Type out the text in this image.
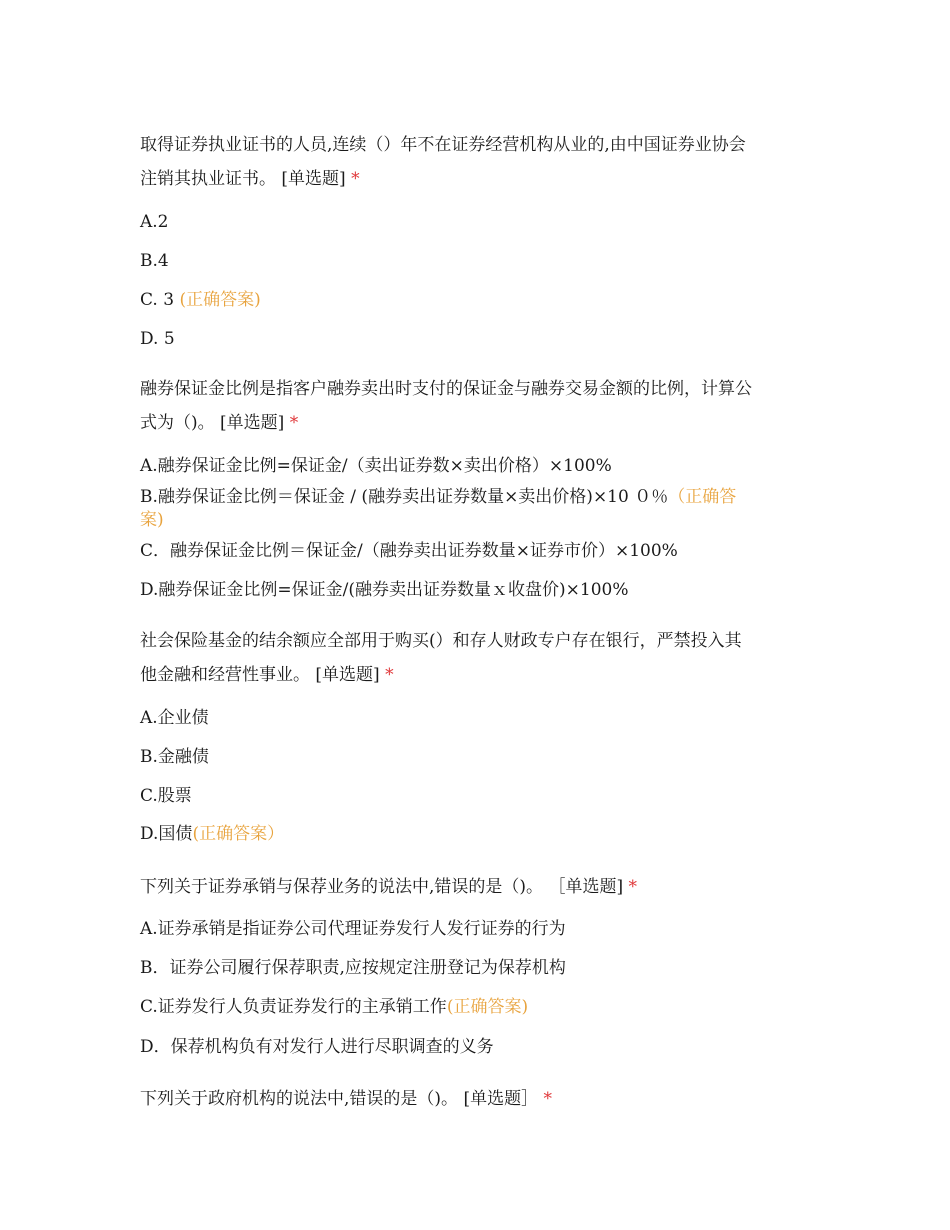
取得证券执业证书的人员,连续（）年不在证券经营机构从业的,由中国证券业协会
注销其执业证书。 [单选题] *
A.2
B.4
C. 3 (正确答案)
D. 5
融券保证金比例是指客户融券卖出时支付的保证金与融券交易金额的比例，计算公
式为（)。 [单选题] *
A.融券保证金比例=保证金/（卖出证券数×卖出价格）×100%
B.融券保证金比例＝保证金 / (融券卖出证券数量×卖出价格)×10 ０％（正确答
案)
C．融券保证金比例＝保证金/（融券卖出证券数量×证券市价）×100%
D.融券保证金比例=保证金/(融券卖出证券数量ｘ收盘价)×100%
社会保险基金的结余额应全部用于购买(）和存人财政专户存在银行，严禁投入其
他金融和经营性事业。 [单选题] *
A.企业债
B.金融债
C.股票
D.国债(正确答案）
下列关于证券承销与保荐业务的说法中,错误的是（)。 ［单选题] *
A.证券承销是指证券公司代理证券发行人发行证券的行为
B．证券公司履行保荐职责,应按规定注册登记为保荐机构
C.证券发行人负责证券发行的主承销工作(正确答案)
D．保荐机构负有对发行人进行尽职调查的义务
下列关于政府机构的说法中,错误的是（)。 [单选题］ *
